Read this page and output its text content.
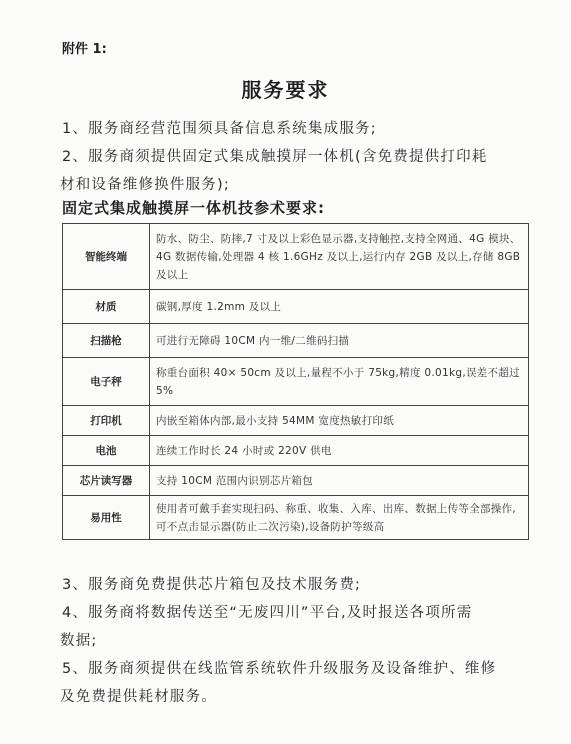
附件 1:
服务要求
1、服务商经营范围须具备信息系统集成服务;
2、服务商须提供固定式集成触摸屏一体机(含免费提供打印耗
材和设备维修换件服务);
固定式集成触摸屏一体机技参术要求:
智能终端	防水、防尘、防摔,7 寸及以上彩色显示器,支持触控,支持全网通、4G 模块、4G 数据传输,处理器 4 核 1.6GHz 及以上,运行内存 2GB 及以上,存储 8GB 及以上
材质	碳钢,厚度 1.2mm 及以上
扫描枪	可进行无障碍 10CM 内一维/二维码扫描
电子秤	称重台面积 40× 50cm 及以上,量程不小于 75kg,精度 0.01kg,误差不超过 5%
打印机	内嵌至箱体内部,最小支持 54MM 宽度热敏打印纸
电池	连续工作时长 24 小时或 220V 供电
芯片读写器	支持 10CM 范围内识别芯片箱包
易用性	使用者可戴手套实现扫码、称重、收集、入库、出库、数据上传等全部操作,可不点击显示器(防止二次污染),设备防护等级高
3、服务商免费提供芯片箱包及技术服务费;
4、服务商将数据传送至“无废四川”平台,及时报送各项所需
数据;
5、服务商须提供在线监管系统软件升级服务及设备维护、维修
及免费提供耗材服务。
